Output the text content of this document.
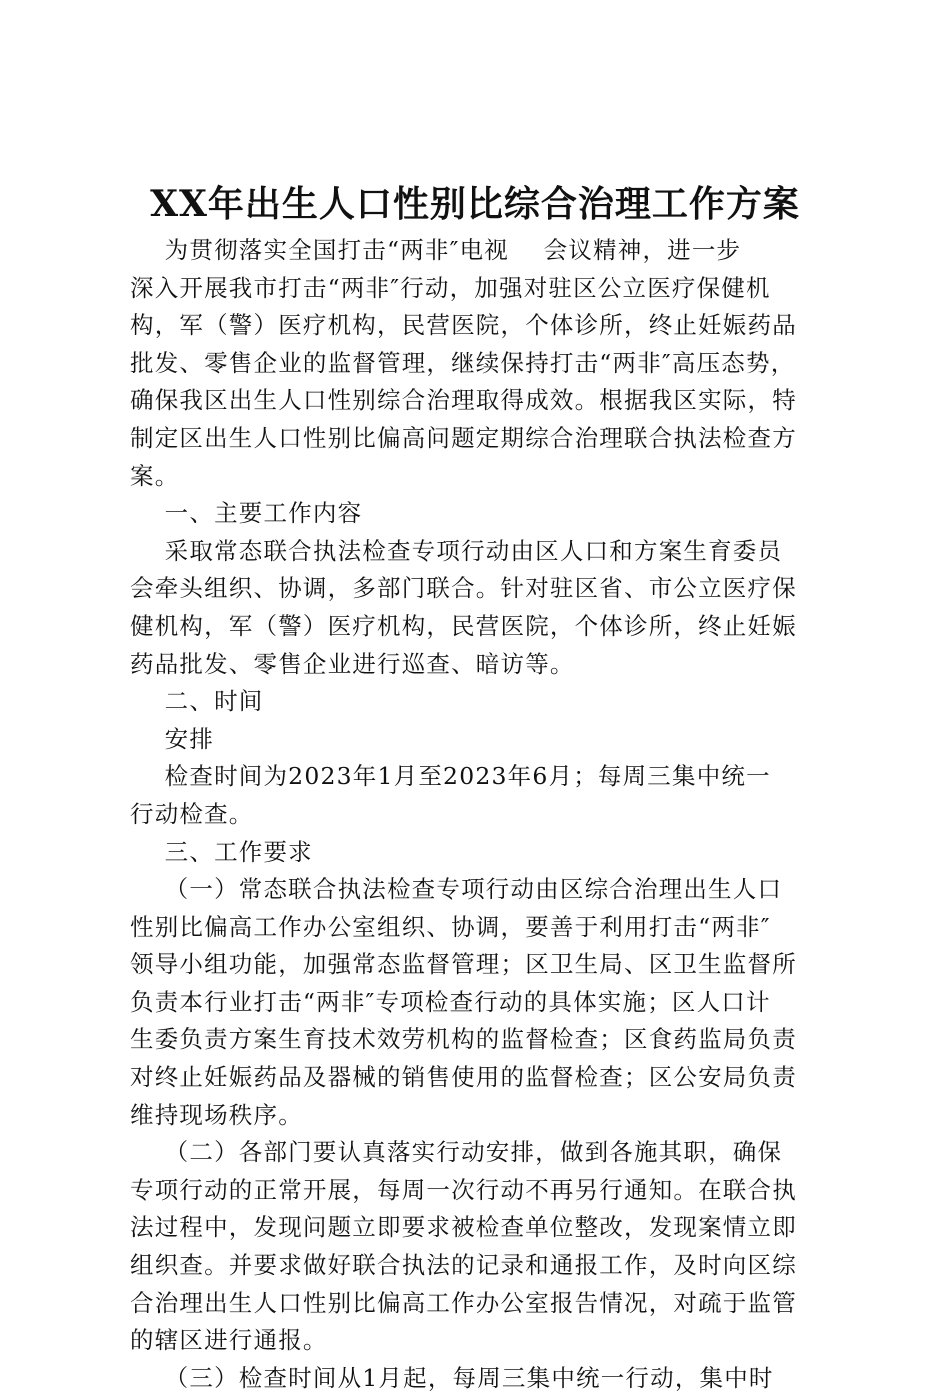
XX年出生人口性别比综合治理工作方案
为贯彻落实全国打击“两非″电视    会议精神，进一步
深入开展我市打击“两非″行动，加强对驻区公立医疗保健机
构，军（警）医疗机构，民营医院，个体诊所，终止妊娠药品
批发、零售企业的监督管理，继续保持打击“两非″高压态势，
确保我区出生人口性别综合治理取得成效。根据我区实际，特
制定区出生人口性别比偏高问题定期综合治理联合执法检查方
案。
一、主要工作内容
采取常态联合执法检查专项行动由区人口和方案生育委员
会牵头组织、协调，多部门联合。针对驻区省、市公立医疗保
健机构，军（警）医疗机构，民营医院，个体诊所，终止妊娠
药品批发、零售企业进行巡查、暗访等。
二、时间
安排
检查时间为2023年1月至2023年6月；每周三集中统一
行动检查。
三、工作要求
（一）常态联合执法检查专项行动由区综合治理出生人口
性别比偏高工作办公室组织、协调，要善于利用打击“两非″
领导小组功能，加强常态监督管理；区卫生局、区卫生监督所
负责本行业打击“两非″专项检查行动的具体实施；区人口计
生委负责方案生育技术效劳机构的监督检查；区食药监局负责
对终止妊娠药品及器械的销售使用的监督检查；区公安局负责
维持现场秩序。
（二）各部门要认真落实行动安排，做到各施其职，确保
专项行动的正常开展，每周一次行动不再另行通知。在联合执
法过程中，发现问题立即要求被检查单位整改，发现案情立即
组织查。并要求做好联合执法的记录和通报工作，及时向区综
合治理出生人口性别比偏高工作办公室报告情况，对疏于监管
的辖区进行通报。
（三）检查时间从1月起，每周三集中统一行动，集中时
